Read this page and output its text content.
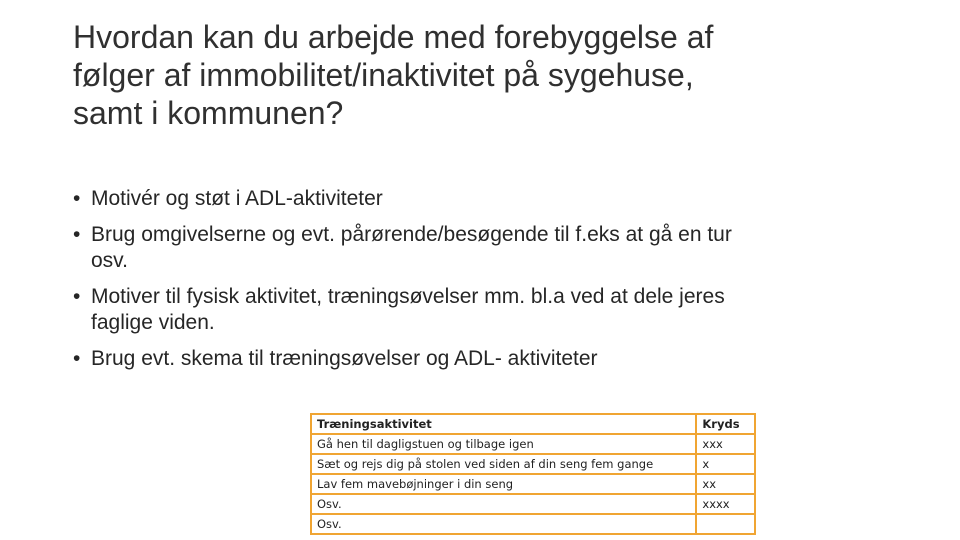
Hvordan kan du arbejde med forebyggelse af
følger af immobilitet/inaktivitet på sygehuse,
samt i kommunen?
• Motivér og støt i ADL-aktiviteter
• Brug omgivelserne og evt. pårørende/besøgende til f.eks at gå en tur
osv.
• Motiver til fysisk aktivitet, træningsøvelser mm. bl.a ved at dele jeres
faglige viden.
• Brug evt. skema til træningsøvelser og ADL- aktiviteter
Træningsaktivitet	Kryds
Gå hen til dagligstuen og tilbage igen	xxx
Sæt og rejs dig på stolen ved siden af din seng fem gange	x
Lav fem mavebøjninger i din seng	xx
Osv.	xxxx
Osv.	
